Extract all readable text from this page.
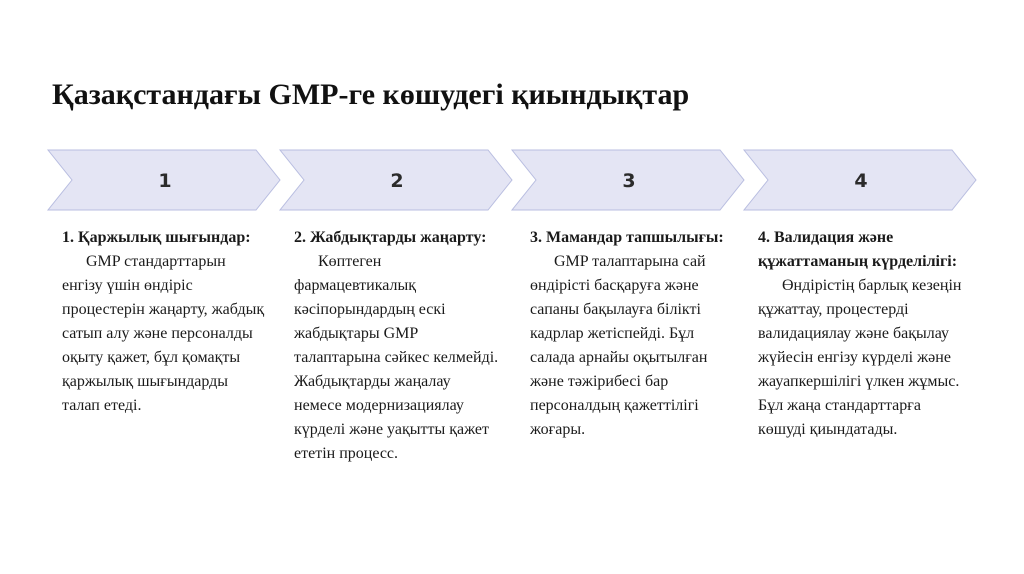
Қазақстандағы GMP-ге көшудегі қиындықтар
1	2	3	4
1. Қаржылық шығындар:
GMP стандарттарын енгізу үшін өндіріс процестерін жаңарту, жабдық сатып алу және персоналды оқыту қажет, бұл қомақты қаржылық шығындарды талап етеді.
2. Жабдықтарды жаңарту:
Көптеген фармацевтикалық кәсіпорындардың ескі жабдықтары GMP талаптарына сәйкес келмейді. Жабдықтарды жаңалау немесе модернизациялау күрделі және уақытты қажет ететін процесс.
3. Мамандар тапшылығы:
GMP талаптарына сай өндірісті басқаруға және сапаны бақылауға білікті кадрлар жетіспейді. Бұл салада арнайы оқытылған және тәжірибесі бар персоналдың қажеттілігі жоғары.
4. Валидация және құжаттаманың күрделілігі:
Өндірістің барлық кезеңін құжаттау, процестерді валидациялау және бақылау жүйесін енгізу күрделі және жауапкершілігі үлкен жұмыс. Бұл жаңа стандарттарға көшуді қиындатады.
